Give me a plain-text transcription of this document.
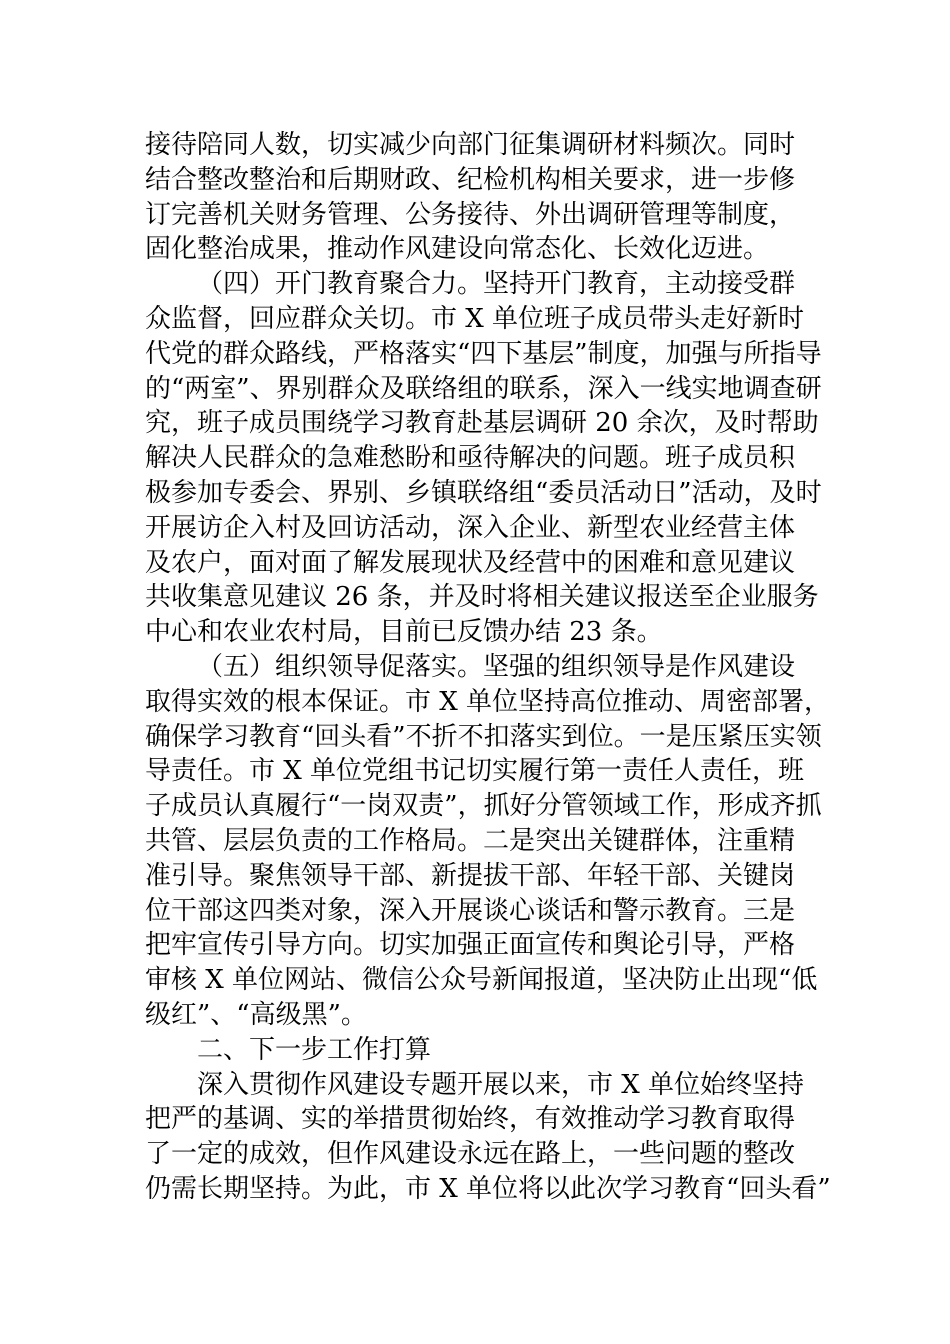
接待陪同人数，切实减少向部门征集调研材料频次。同时
结合整改整治和后期财政、纪检机构相关要求，进一步修
订完善机关财务管理、公务接待、外出调研管理等制度，
固化整治成果，推动作风建设向常态化、长效化迈进。
（四）开门教育聚合力。坚持开门教育，主动接受群
众监督，回应群众关切。市 X 单位班子成员带头走好新时
代党的群众路线，严格落实“四下基层”制度，加强与所指导
的“两室”、界别群众及联络组的联系，深入一线实地调查研
究，班子成员围绕学习教育赴基层调研 20 余次，及时帮助
解决人民群众的急难愁盼和亟待解决的问题。班子成员积
极参加专委会、界别、乡镇联络组“委员活动日”活动，及时
开展访企入村及回访活动，深入企业、新型农业经营主体
及农户，面对面了解发展现状及经营中的困难和意见建议
共收集意见建议 26 条，并及时将相关建议报送至企业服务
中心和农业农村局，目前已反馈办结 23 条。
（五）组织领导促落实。坚强的组织领导是作风建设
取得实效的根本保证。市 X 单位坚持高位推动、周密部署，
确保学习教育“回头看”不折不扣落实到位。一是压紧压实领
导责任。市 X 单位党组书记切实履行第一责任人责任，班
子成员认真履行“一岗双责”，抓好分管领域工作，形成齐抓
共管、层层负责的工作格局。二是突出关键群体，注重精
准引导。聚焦领导干部、新提拔干部、年轻干部、关键岗
位干部这四类对象，深入开展谈心谈话和警示教育。三是
把牢宣传引导方向。切实加强正面宣传和舆论引导，严格
审核 X 单位网站、微信公众号新闻报道，坚决防止出现“低
级红”、“高级黑”。
二、下一步工作打算
深入贯彻作风建设专题开展以来，市 X 单位始终坚持
把严的基调、实的举措贯彻始终，有效推动学习教育取得
了一定的成效，但作风建设永远在路上，一些问题的整改
仍需长期坚持。为此，市 X 单位将以此次学习教育“回头看”
